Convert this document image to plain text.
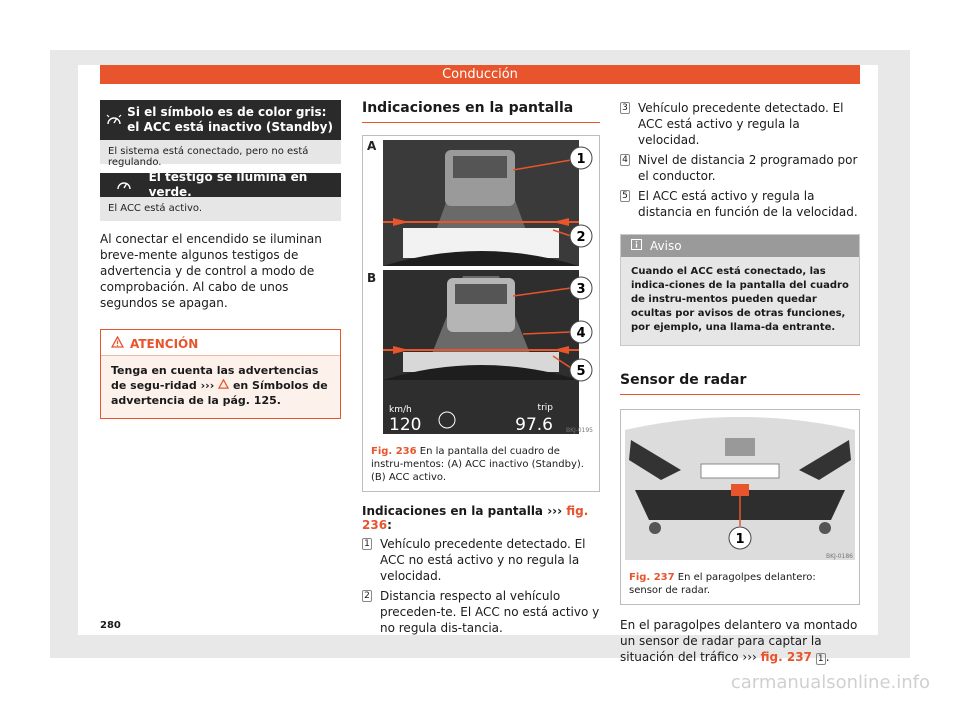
Conducción
Si el símbolo es de color gris: el ACC está inactivo (Standby)
El sistema está conectado, pero no está regulando.
El testigo se ilumina en verde.
El ACC está activo.

Al conectar el encendido se iluminan breve-mente algunos testigos de advertencia y de control a modo de comprobación. Al cabo de unos segundos se apagan.

ATENCIÓN
Tenga en cuenta las advertencias de segu-ridad ››› en Símbolos de advertencia de la pág. 125.
Indicaciones en la pantalla
A
1
2
B
3
4
5
km/h
120
trip
97.6 BKJ-0195
Fig. 236 En la pantalla del cuadro de instru-mentos: (A) ACC inactivo (Standby). (B) ACC activo.
Indicaciones en la pantalla ››› fig. 236:
1 Vehículo precedente detectado. El ACC no está activo y no regula la velocidad.
2 Distancia respecto al vehículo preceden-te. El ACC no está activo y no regula dis-tancia.
3 Vehículo precedente detectado. El ACC está activo y regula la velocidad.
4 Nivel de distancia 2 programado por el conductor.
5 El ACC está activo y regula la distancia en función de la velocidad.
Aviso
Cuando el ACC está conectado, las indica-ciones de la pantalla del cuadro de instru-mentos pueden quedar ocultas por avisos de otras funciones, por ejemplo, una llama-da entrante.
Sensor de radar
1
BKJ-0186
Fig. 237 En el paragolpes delantero: sensor de radar.

En el paragolpes delantero va montado un sensor de radar para captar la situación del tráfico ››› fig. 237 1 .

280
carmanualsonline.info
